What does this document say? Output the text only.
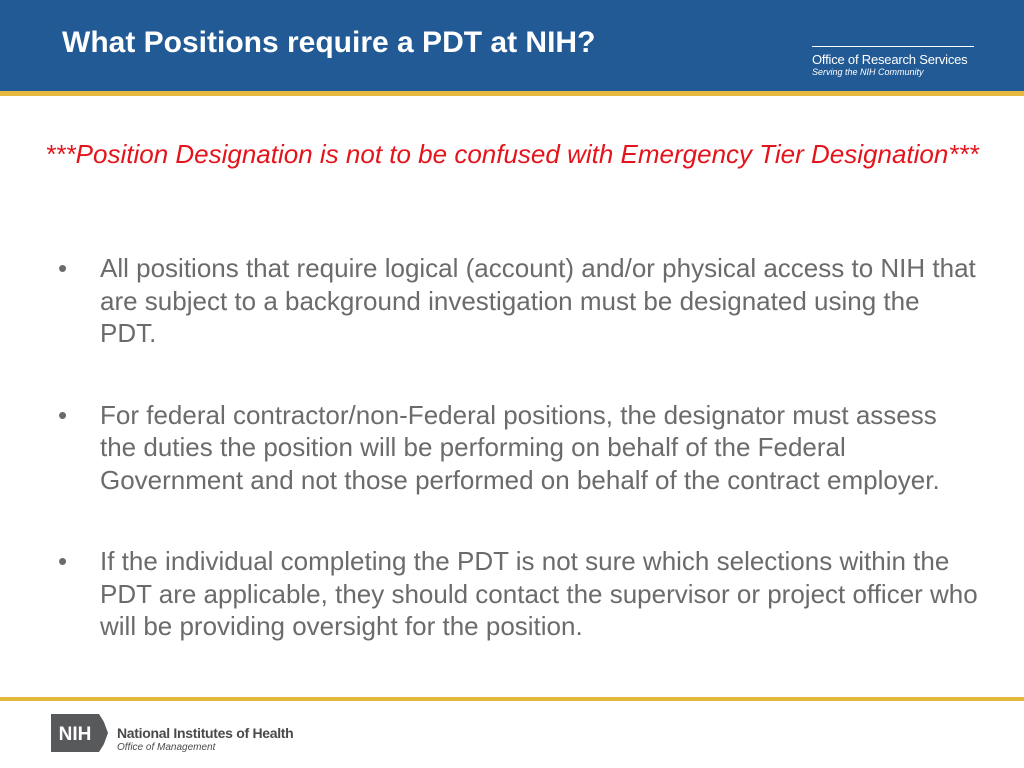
What Positions require a PDT at NIH?
Office of Research Services
Serving the NIH Community
***Position Designation is not to be confused with Emergency Tier Designation***
• All positions that require logical (account) and/or physical access to NIH that are subject to a background investigation must be designated using the PDT.
• For federal contractor/non-Federal positions, the designator must assess the duties the position will be performing on behalf of the Federal Government and not those performed on behalf of the contract employer.
• If the individual completing the PDT is not sure which selections within the PDT are applicable, they should contact the supervisor or project officer who will be providing oversight for the position.
NIH National Institutes of Health
Office of Management
